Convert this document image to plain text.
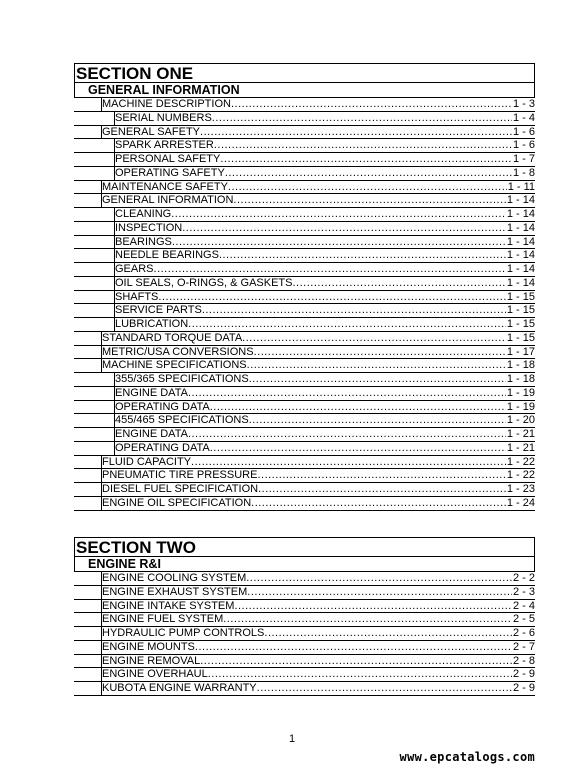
SECTION ONE
GENERAL INFORMATION
MACHINE DESCRIPTION .....	1 - 3
SERIAL NUMBERS .....	1 - 4
GENERAL SAFETY .....	1 - 6
SPARK ARRESTER .....	1 - 6
PERSONAL SAFETY .....	1 - 7
OPERATING SAFETY .....	1 - 8
MAINTENANCE SAFETY .....	1 - 11
GENERAL INFORMATION .....	1 - 14
CLEANING .....	1 - 14
INSPECTION .....	1 - 14
BEARINGS .....	1 - 14
NEEDLE BEARINGS .....	1 - 14
GEARS .....	1 - 14
OIL SEALS, O-RINGS, & GASKETS .....	1 - 14
SHAFTS .....	1 - 15
SERVICE PARTS .....	1 - 15
LUBRICATION .....	1 - 15
STANDARD TORQUE DATA .....	1 - 15
METRIC/USA CONVERSIONS .....	1 - 17
MACHINE SPECIFICATIONS .....	1 - 18
355/365 SPECIFICATIONS .....	1 - 18
ENGINE DATA .....	1 - 19
OPERATING DATA .....	1 - 19
455/465 SPECIFICATIONS .....	1 - 20
ENGINE DATA .....	1 - 21
OPERATING DATA .....	1 - 21
FLUID CAPACITY .....	1 - 22
PNEUMATIC TIRE PRESSURE .....	1 - 22
DIESEL FUEL SPECIFICATION .....	1 - 23
ENGINE OIL SPECIFICATION .....	1 - 24
SECTION TWO
ENGINE R&I
ENGINE COOLING SYSTEM .....	2 - 2
ENGINE EXHAUST SYSTEM .....	2 - 3
ENGINE INTAKE SYSTEM .....	2 - 4
ENGINE FUEL SYSTEM .....	2 - 5
HYDRAULIC PUMP CONTROLS .....	2 - 6
ENGINE MOUNTS .....	2 - 7
ENGINE REMOVAL .....	2 - 8
ENGINE OVERHAUL .....	2 - 9
KUBOTA ENGINE WARRANTY .....	2 - 9
1
www.epcatalogs.com
